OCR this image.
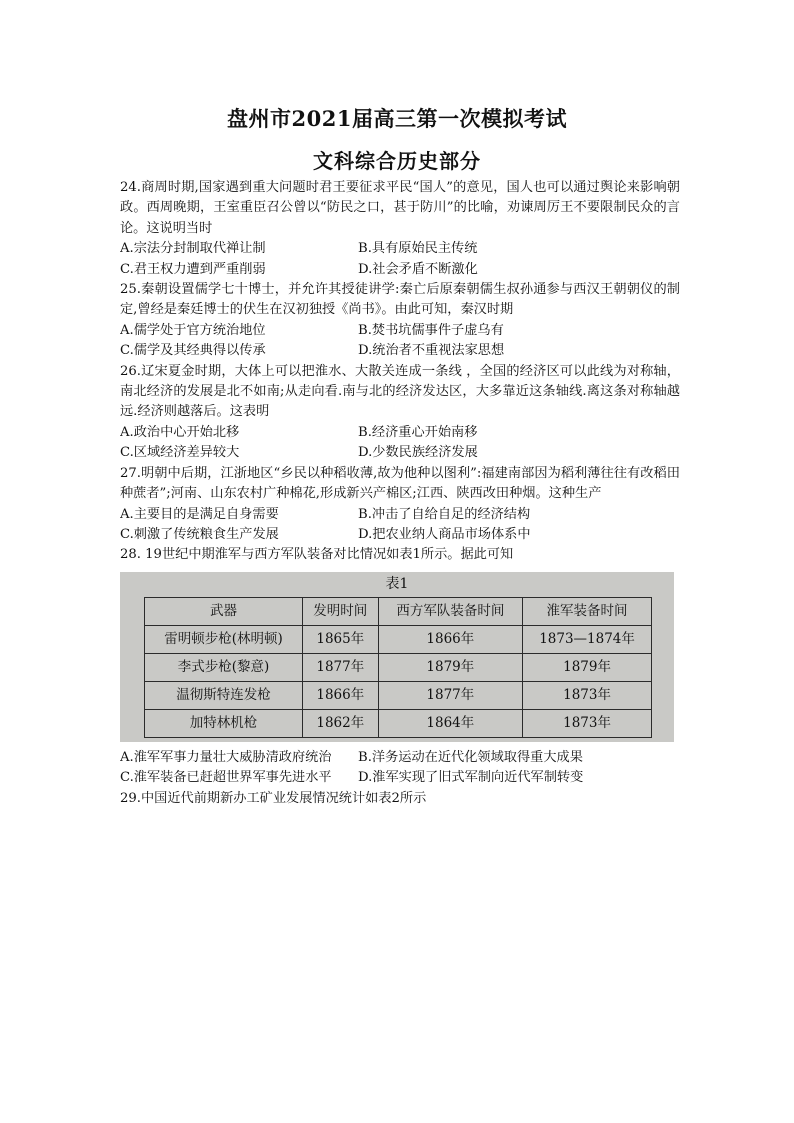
盘州市2021届高三第一次模拟考试
文科综合历史部分

24.商周时期,国家遇到重大问题时君王要征求平民“国人”的意见，国人也可以通过舆论来影响朝政。西周晚期，王室重臣召公曾以“防民之口，甚于防川”的比喻，劝谏周厉王不要限制民众的言论。这说明当时

A.宗法分封制取代禅让制	B.具有原始民主传统
C.君王权力遭到严重削弱	D.社会矛盾不断激化

25.秦朝设置儒学七十博士，并允许其授徒讲学:秦亡后原秦朝儒生叔孙通参与西汉王朝朝仪的制定,曾经是秦廷博士的伏生在汉初独授《尚书》。由此可知，秦汉时期

A.儒学处于官方统治地位	B.焚书坑儒事件子虚乌有
C.儒学及其经典得以传承	D.统治者不重视法家思想

26.辽宋夏金时期，大体上可以把淮水、大散关连成一条线 ，全国的经济区可以此线为对称轴，南北经济的发展是北不如南;从走向看.南与北的经济发达区，大多靠近这条轴线.离这条对称轴越远.经济则越落后。这表明

A.政治中心开始北移	B.经济重心开始南移
C.区域经济差异较大	D.少数民族经济发展

27.明朝中后期，江浙地区“乡民以种稻收薄,故为他种以图利”:福建南部因为稻利薄往往有改稻田种蔗者”;河南、山东农村广种棉花,形成新兴产棉区;江西、陕西改田种烟。这种生产

A.主要目的是满足自身需要	B.冲击了自给自足的经济结构
C.刺激了传统粮食生产发展	D.把农业纳人商品市场体系中

28. 19世纪中期淮军与西方军队装备对比情况如表1所示。据此可知

表1
武器	发明时间	西方军队装备时间	淮军装备时间
雷明顿步枪(林明顿)	1865年	1866年	1873—1874年
李式步枪(黎意)	1877年	1879年	1879年
温彻斯特连发枪	1866年	1877年	1873年
加特林机枪	1862年	1864年	1873年
A.淮军军事力量壮大威胁清政府统治	B.洋务运动在近代化领域取得重大成果
C.淮军装备已赶超世界军事先进水平	D.淮军实现了旧式军制向近代军制转变

29.中国近代前期新办工矿业发展情况统计如表2所示
